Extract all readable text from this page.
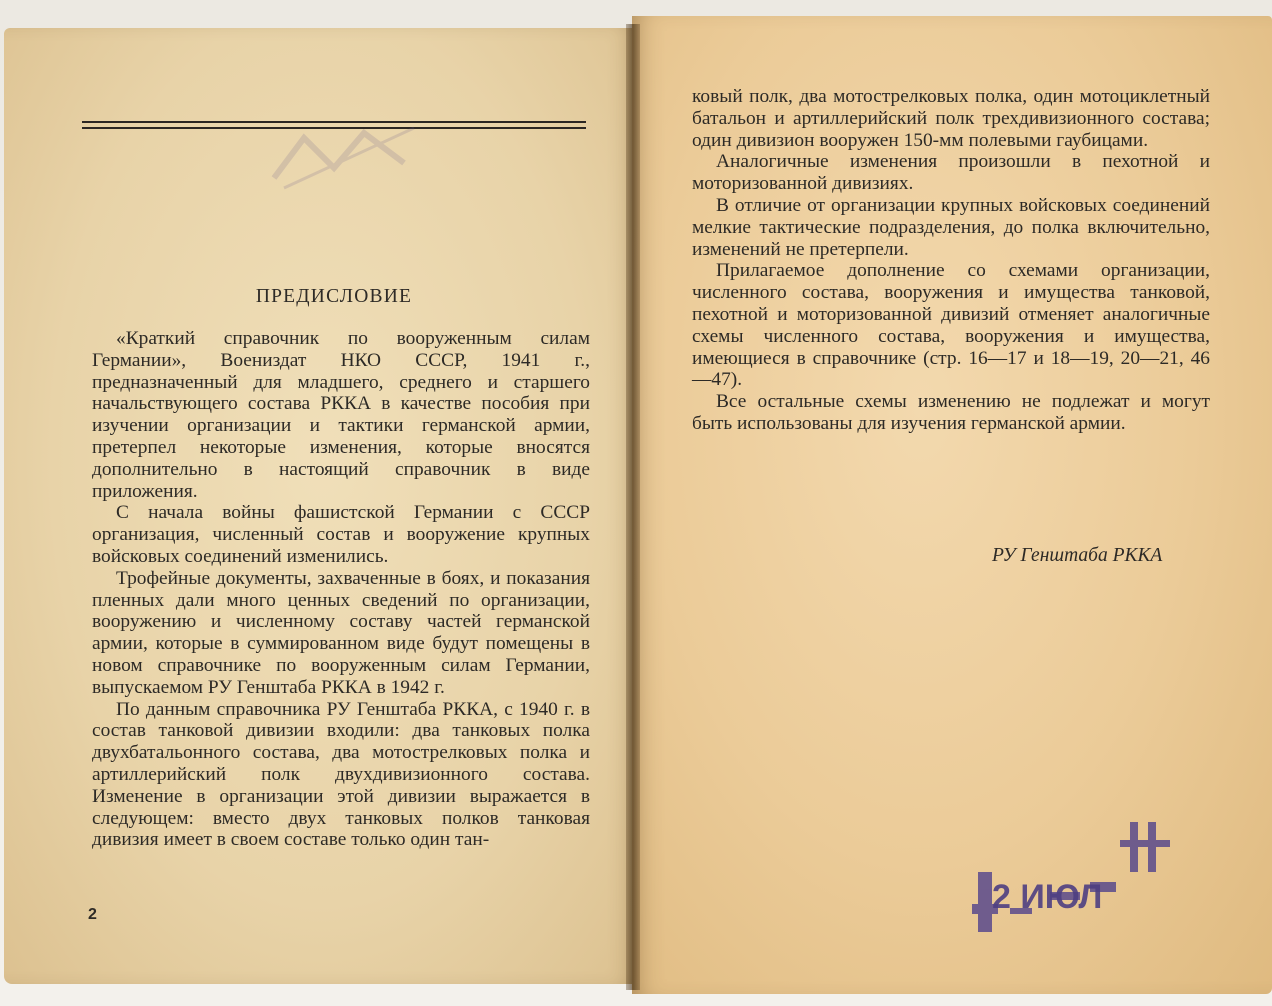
ПРЕДИСЛОВИЕ

«Краткий справочник по вооруженным силам Германии», Воениздат НКО СССР, 1941 г., предназначенный для младшего, среднего и старшего начальствующего состава РККА в качестве пособия при изучении организации и тактики германской армии, претерпел некоторые изменения, которые вносятся дополнительно в настоящий справочник в виде приложения.

С начала войны фашистской Германии с СССР организация, численный состав и вооружение крупных войсковых соединений изменились.

Трофейные документы, захваченные в боях, и показания пленных дали много ценных сведений по организации, вооружению и численному составу частей германской армии, которые в суммированном виде будут помещены в новом справочнике по вооруженным силам Германии, выпускаемом РУ Генштаба РККА в 1942 г.

По данным справочника РУ Генштаба РККА, с 1940 г. в состав танковой дивизии входили: два танковых полка двухбатальонного состава, два мотострелковых полка и артиллерийский полк двухдивизионного состава. Изменение в организации этой дивизии выражается в следующем: вместо двух танковых полков танковая дивизия имеет в своем составе только один тан-

2

ковый полк, два мотострелковых полка, один мотоциклетный батальон и артиллерийский полк трехдивизионного состава; один дивизион вооружен 150-мм полевыми гаубицами.

Аналогичные изменения произошли в пехотной и моторизованной дивизиях.

В отличие от организации крупных войсковых соединений мелкие тактические подразделения, до полка включительно, изменений не претерпели.

Прилагаемое дополнение со схемами организации, численного состава, вооружения и имущества танковой, пехотной и моторизованной дивизий отменяет аналогичные схемы численного состава, вооружения и имущества, имеющиеся в справочнике (стр. 16—17 и 18—19, 20—21, 46—47).

Все остальные схемы изменению не подлежат и могут быть использованы для изучения германской армии.

РУ Генштаба РККА
2 ИЮЛ
